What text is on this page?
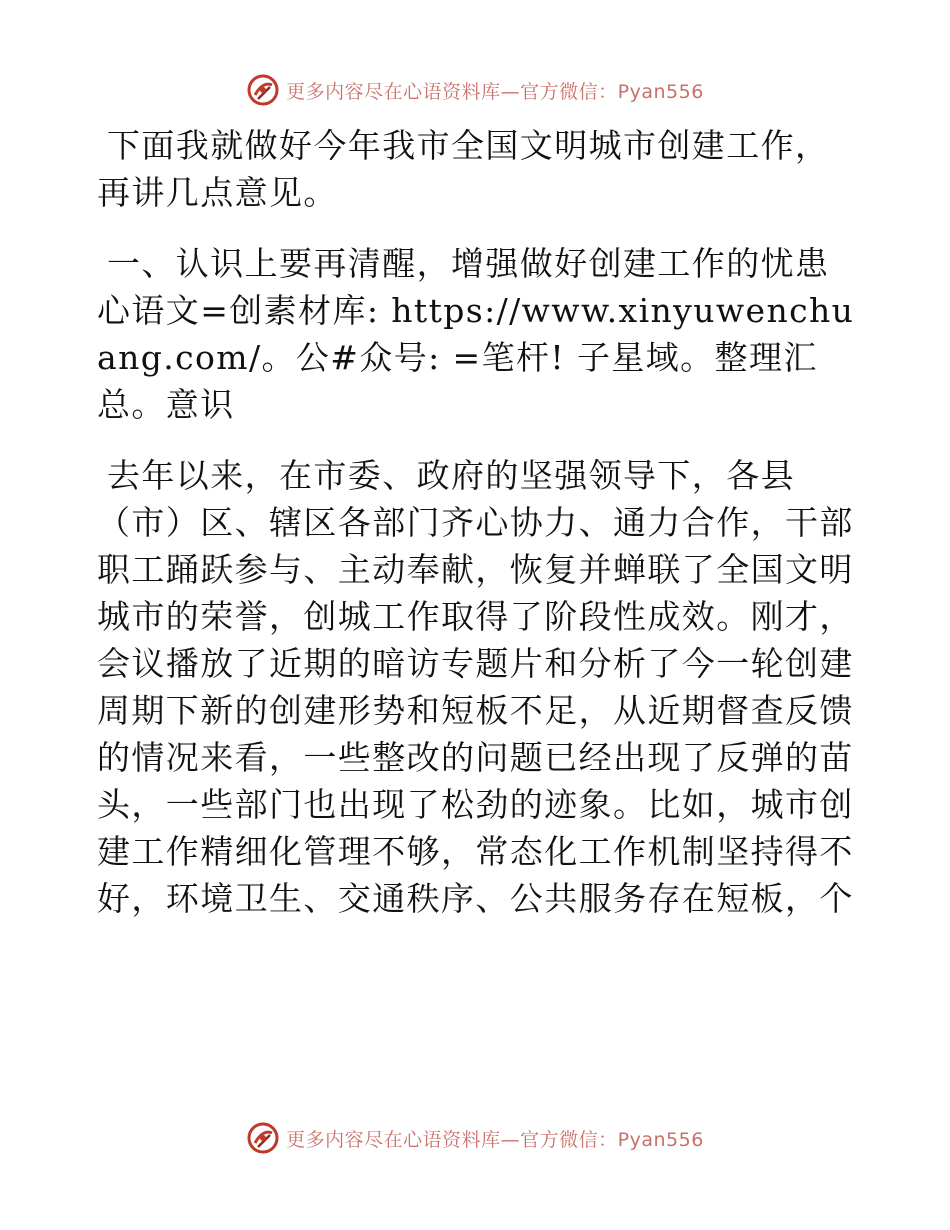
更多内容尽在心语资料库—官方微信：Pyan556

下面我就做好今年我市全国文明城市创建工作，再讲几点意见。

一、认识上要再清醒，增强做好创建工作的忧患心语文=创素材库: https://www.xinyuwenchuang.com/。公#众号: =笔杆! 子星域。整理汇总。意识

去年以来，在市委、政府的坚强领导下，各县（市）区、辖区各部门齐心协力、通力合作，干部职工踊跃参与、主动奉献，恢复并蝉联了全国文明城市的荣誉，创城工作取得了阶段性成效。刚才，会议播放了近期的暗访专题片和分析了今一轮创建周期下新的创建形势和短板不足，从近期督查反馈的情况来看，一些整改的问题已经出现了反弹的苗头，一些部门也出现了松劲的迹象。比如，城市创建工作精细化管理不够，常态化工作机制坚持得不好，环境卫生、交通秩序、公共服务存在短板，个

更多内容尽在心语资料库—官方微信：Pyan556
